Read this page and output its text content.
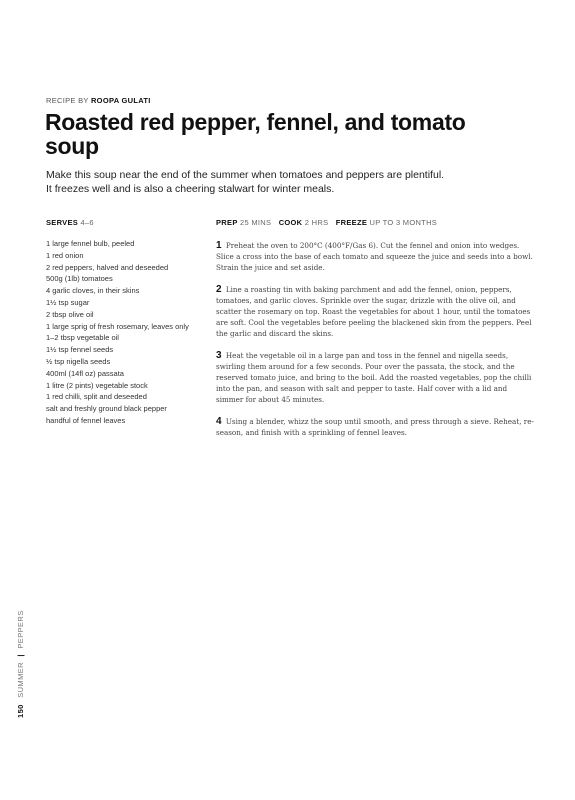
RECIPE BY ROOPA GULATI
Roasted red pepper, fennel, and tomato soup

Make this soup near the end of the summer when tomatoes and peppers are plentiful. It freezes well and is also a cheering stalwart for winter meals.

SERVES 4–6
1 large fennel bulb, peeled
1 red onion
2 red peppers, halved and deseeded
500g (1lb) tomatoes
4 garlic cloves, in their skins
1½ tsp sugar
2 tbsp olive oil
1 large sprig of fresh rosemary, leaves only
1–2 tbsp vegetable oil
1½ tsp fennel seeds
½ tsp nigella seeds
400ml (14fl oz) passata
1 litre (2 pints) vegetable stock
1 red chilli, split and deseeded
salt and freshly ground black pepper
handful of fennel leaves
PREP 25 MINS COOK 2 HRS FREEZE UP TO 3 MONTHS

1 Preheat the oven to 200°C (400°F/Gas 6). Cut the fennel and onion into wedges. Slice a cross into the base of each tomato and squeeze the juice and seeds into a bowl. Strain the juice and set aside.

2 Line a roasting tin with baking parchment and add the fennel, onion, peppers, tomatoes, and garlic cloves. Sprinkle over the sugar, drizzle with the olive oil, and scatter the rosemary on top. Roast the vegetables for about 1 hour, until the tomatoes are soft. Cool the vegetables before peeling the blackened skin from the peppers. Peel the garlic and discard the skins.

3 Heat the vegetable oil in a large pan and toss in the fennel and nigella seeds, swirling them around for a few seconds. Pour over the passata, the stock, and the reserved tomato juice, and bring to the boil. Add the roasted vegetables, pop the chilli into the pan, and season with salt and pepper to taste. Half cover with a lid and simmer for about 45 minutes.

4 Using a blender, whizz the soup until smooth, and press through a sieve. Reheat, re-season, and finish with a sprinkling of fennel leaves.

150 SUMMER | PEPPERS
